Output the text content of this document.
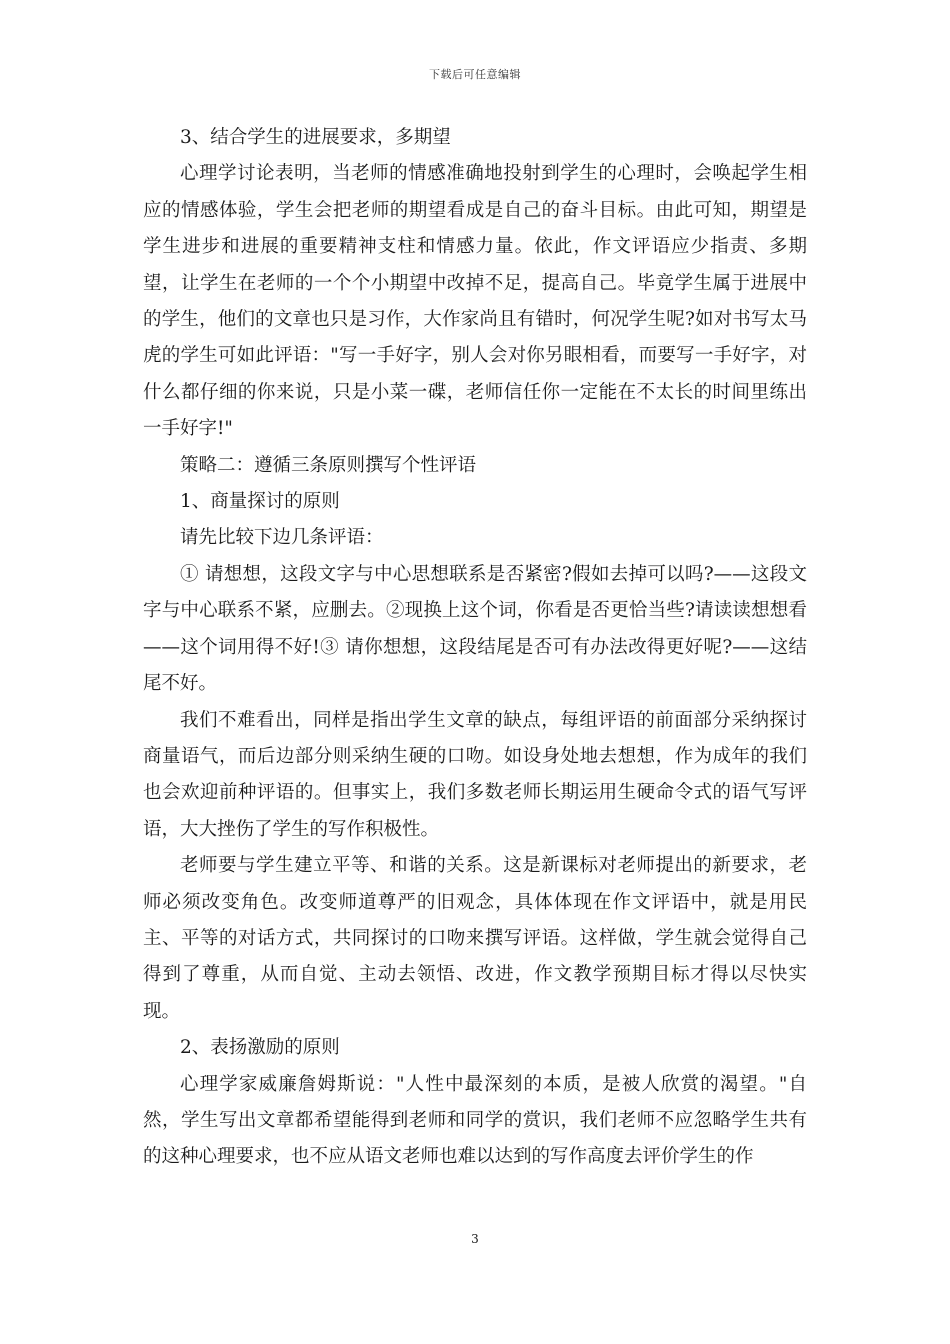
下载后可任意编辑

3、结合学生的进展要求，多期望

心理学讨论表明，当老师的情感准确地投射到学生的心理时，会唤起学生相应的情感体验，学生会把老师的期望看成是自己的奋斗目标。由此可知，期望是学生进步和进展的重要精神支柱和情感力量。依此，作文评语应少指责、多期望，让学生在老师的一个个小期望中改掉不足，提高自己。毕竟学生属于进展中的学生，他们的文章也只是习作，大作家尚且有错时，何况学生呢?如对书写太马虎的学生可如此评语："写一手好字，别人会对你另眼相看，而要写一手好字，对什么都仔细的你来说，只是小菜一碟，老师信任你一定能在不太长的时间里练出一手好字!"

策略二：遵循三条原则撰写个性评语

1、商量探讨的原则

请先比较下边几条评语：

① 请想想，这段文字与中心思想联系是否紧密?假如去掉可以吗?——这段文字与中心联系不紧，应删去。②现换上这个词，你看是否更恰当些?请读读想想看——这个词用得不好!③ 请你想想，这段结尾是否可有办法改得更好呢?——这结尾不好。

我们不难看出，同样是指出学生文章的缺点，每组评语的前面部分采纳探讨商量语气，而后边部分则采纳生硬的口吻。如设身处地去想想，作为成年的我们也会欢迎前种评语的。但事实上，我们多数老师长期运用生硬命令式的语气写评语，大大挫伤了学生的写作积极性。

老师要与学生建立平等、和谐的关系。这是新课标对老师提出的新要求，老师必须改变角色。改变师道尊严的旧观念，具体体现在作文评语中，就是用民主、平等的对话方式，共同探讨的口吻来撰写评语。这样做，学生就会觉得自己得到了尊重，从而自觉、主动去领悟、改进，作文教学预期目标才得以尽快实现。

2、表扬激励的原则

心理学家威廉詹姆斯说："人性中最深刻的本质，是被人欣赏的渴望。"自然，学生写出文章都希望能得到老师和同学的赏识，我们老师不应忽略学生共有的这种心理要求，也不应从语文老师也难以达到的写作高度去评价学生的作

3
